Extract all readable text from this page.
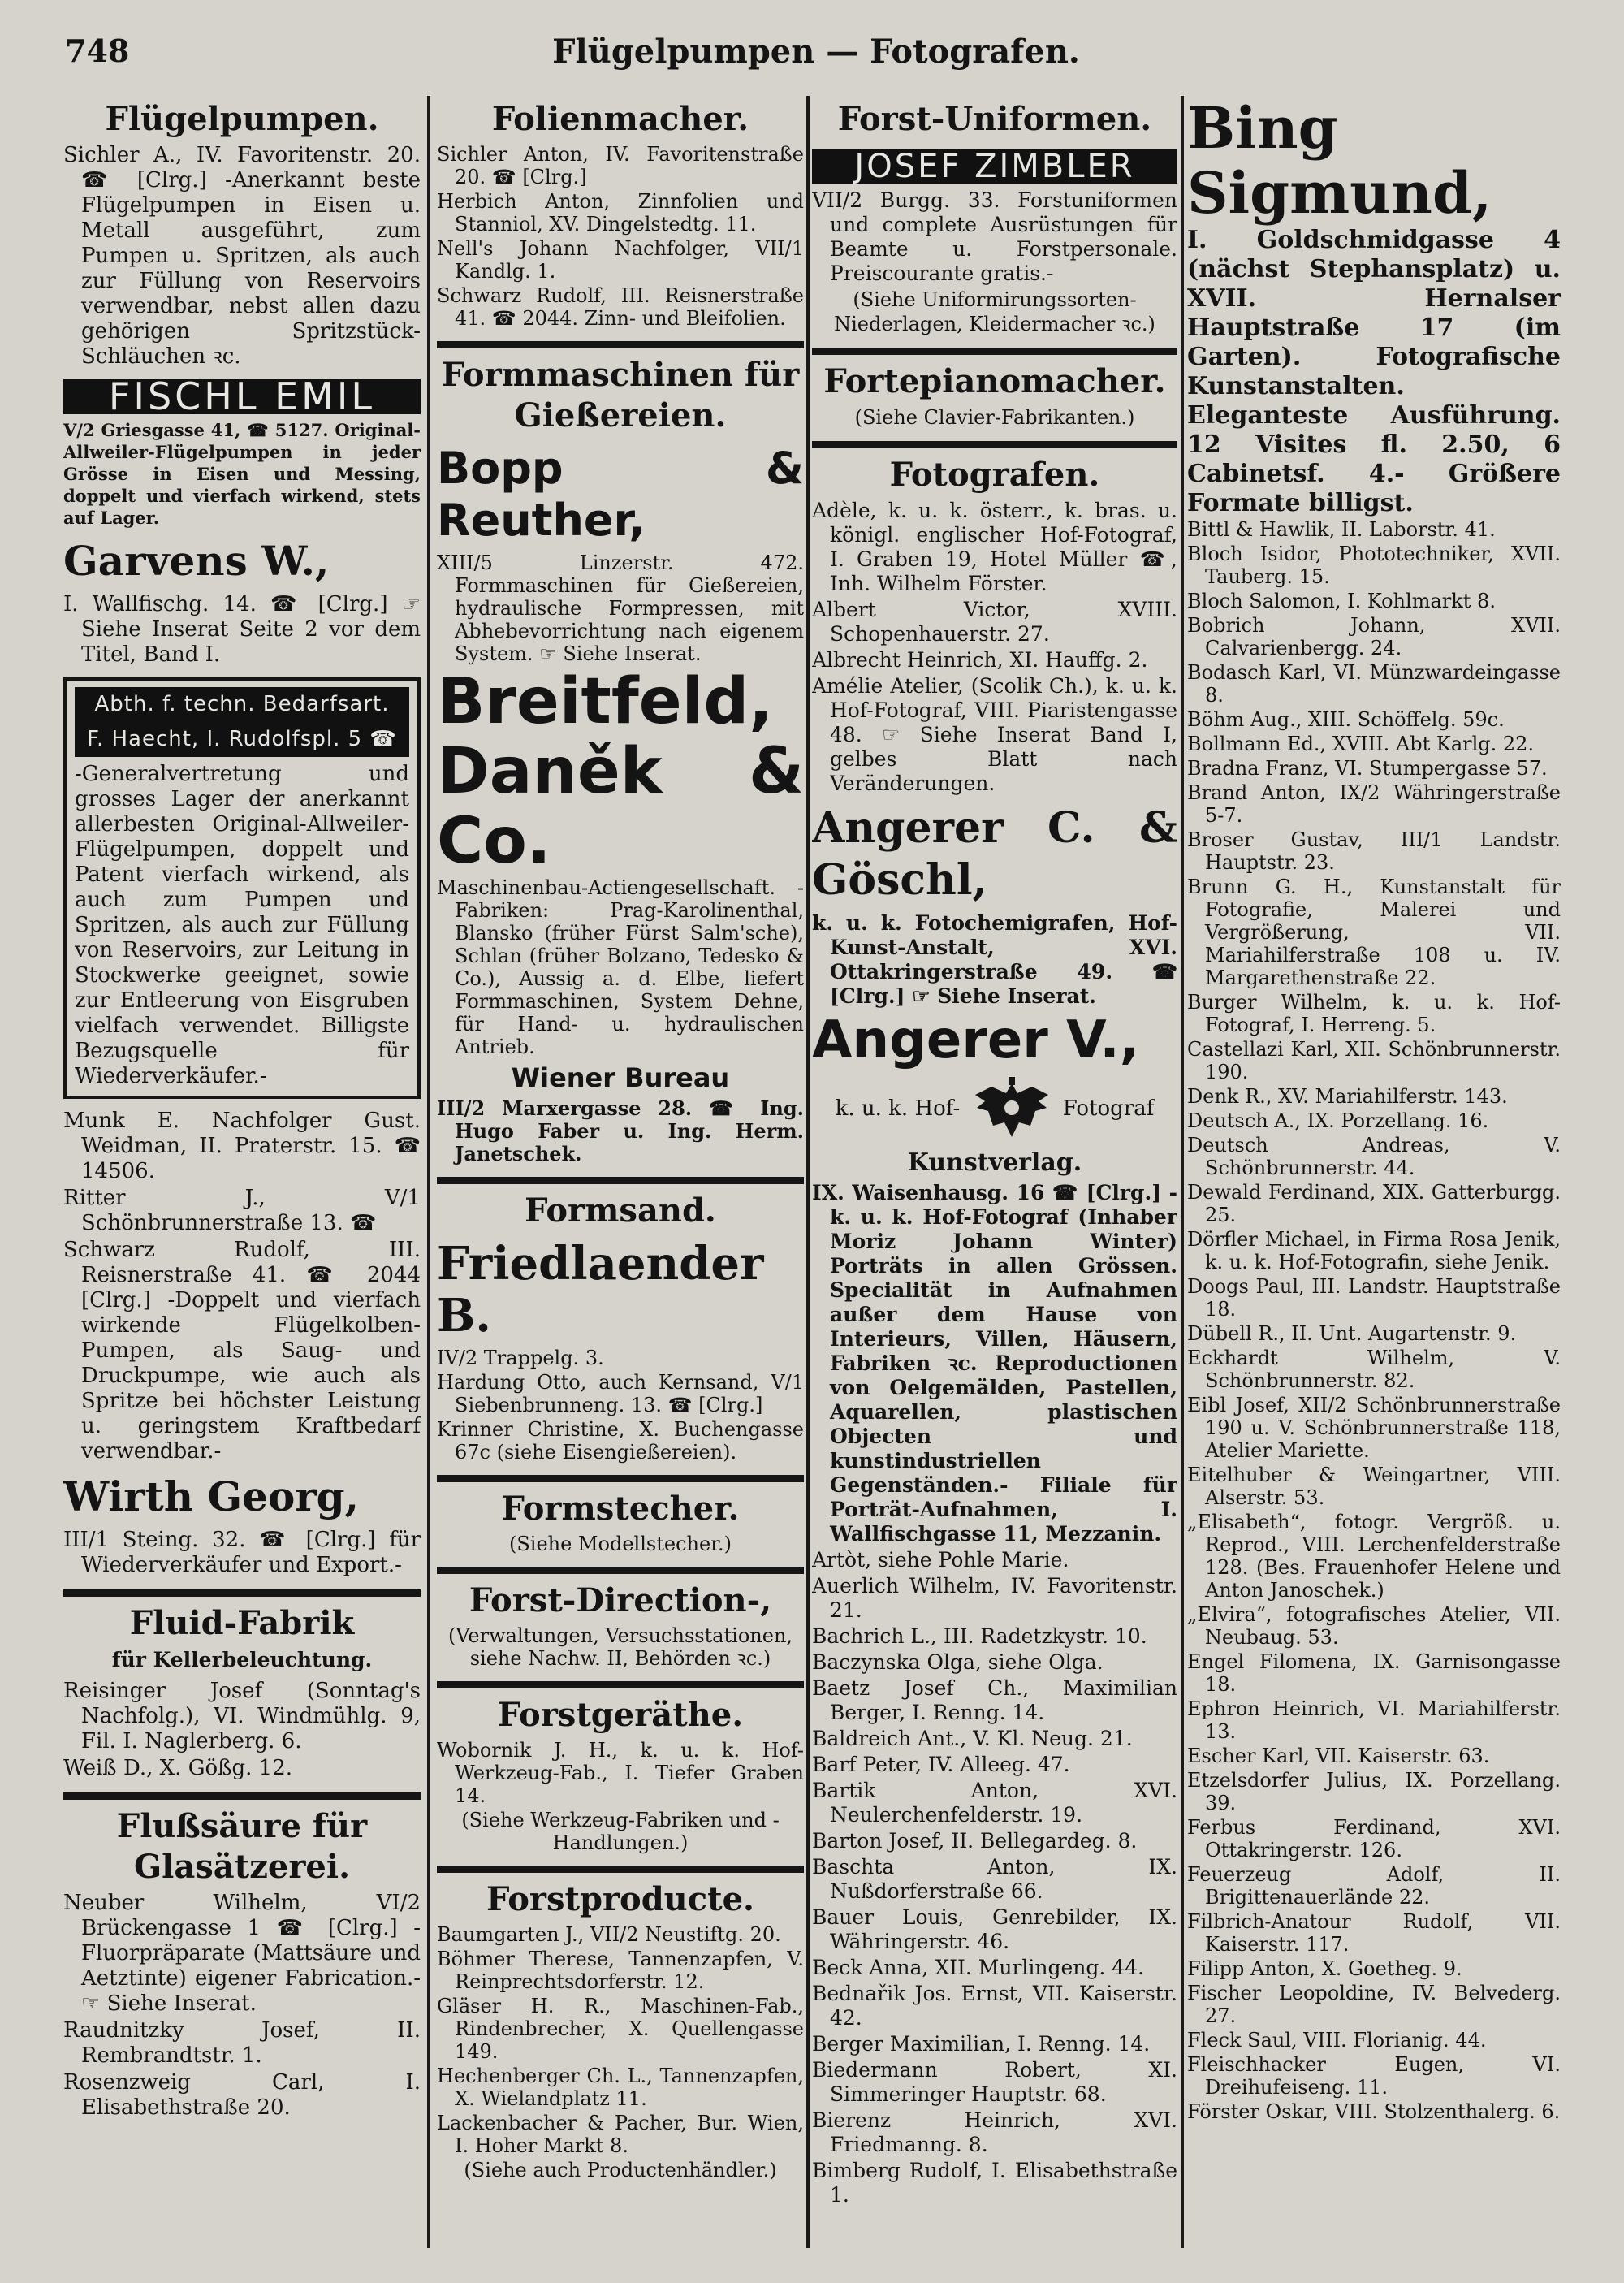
748	Flügelpumpen — Fotografen.
Flügelpumpen.
Sichler A., IV. Favoritenstr. 20. ☎ [Clrg.] -Anerkannt beste Flügelpumpen in Eisen u. Metall ausgeführt, zum Pumpen u. Spritzen, als auch zur Füllung von Reservoirs verwendbar, nebst allen dazu gehörigen Spritzstück-Schläuchen ꝛc.
FISCHL EMIL
V/2 Griesgasse 41, ☎ 5127. Original-Allweiler-Flügelpumpen in jeder Grösse in Eisen und Messing, doppelt und vierfach wirkend, stets auf Lager.
Garvens W.,
I. Wallfischg. 14. ☎ [Clrg.] ☞ Siehe Inserat Seite 2 vor dem Titel, Band I.
Abth. f. techn. Bedarfsart.
F. Haecht, I. Rudolfspl. 5 ☎
-Generalvertretung und grosses Lager der anerkannt allerbesten Original-Allweiler-Flügelpumpen, doppelt und Patent vierfach wirkend, als auch zum Pumpen und Spritzen, als auch zur Füllung von Reservoirs, zur Leitung in Stockwerke geeignet, sowie zur Entleerung von Eisgruben vielfach verwendet. Billigste Bezugsquelle für Wiederverkäufer.-
Munk E. Nachfolger Gust. Weidman, II. Praterstr. 15. ☎ 14506.
Ritter J., V/1 Schönbrunnerstraße 13. ☎
Schwarz Rudolf, III. Reisnerstraße 41. ☎ 2044 [Clrg.] -Doppelt und vierfach wirkende Flügelkolben-Pumpen, als Saug- und Druckpumpe, wie auch als Spritze bei höchster Leistung u. geringstem Kraftbedarf verwendbar.-
Wirth Georg,
III/1 Steing. 32. ☎ [Clrg.] für Wiederverkäufer und Export.-
Fluid-Fabrik
für Kellerbeleuchtung.
Reisinger Josef (Sonntag's Nachfolg.), VI. Windmühlg. 9, Fil. I. Naglerberg. 6.
Weiß D., X. Gößg. 12.
Flußsäure für Glasätzerei.
Neuber Wilhelm, VI/2 Brückengasse 1 ☎ [Clrg.] -Fluorpräparate (Mattsäure und Aetztinte) eigener Fabrication.- ☞ Siehe Inserat.
Raudnitzky Josef, II. Rembrandtstr. 1.
Rosenzweig Carl, I. Elisabethstraße 20.
Folienmacher.
Sichler Anton, IV. Favoritenstraße 20. ☎ [Clrg.]
Herbich Anton, Zinnfolien und Stanniol, XV. Dingelstedtg. 11.
Nell's Johann Nachfolger, VII/1 Kandlg. 1.
Schwarz Rudolf, III. Reisnerstraße 41. ☎ 2044. Zinn- und Bleifolien.
Formmaschinen für Gießereien.
Bopp & Reuther,
XIII/5 Linzerstr. 472. Formmaschinen für Gießereien, hydraulische Formpressen, mit Abhebevorrichtung nach eigenem System. ☞ Siehe Inserat.
Breitfeld,
Daněk & Co.
Maschinenbau-Actiengesellschaft. -Fabriken: Prag-Karolinenthal, Blansko (früher Fürst Salm'sche), Schlan (früher Bolzano, Tedesko & Co.), Aussig a. d. Elbe, liefert Formmaschinen, System Dehne, für Hand- u. hydraulischen Antrieb.
Wiener Bureau
III/2 Marxergasse 28. ☎ Ing. Hugo Faber u. Ing. Herm. Janetschek.
Formsand.
Friedlaender B.
IV/2 Trappelg. 3.
Hardung Otto, auch Kernsand, V/1 Siebenbrunneng. 13. ☎ [Clrg.]
Krinner Christine, X. Buchengasse 67c (siehe Eisengießereien).
Formstecher.
(Siehe Modellstecher.)
Forst-Direction-,
(Verwaltungen, Versuchsstationen, siehe Nachw. II, Behörden ꝛc.)
Forstgeräthe.
Wobornik J. H., k. u. k. Hof-Werkzeug-Fab., I. Tiefer Graben 14.
(Siehe Werkzeug-Fabriken und -Handlungen.)
Forstproducte.
Baumgarten J., VII/2 Neustiftg. 20.
Böhmer Therese, Tannenzapfen, V. Reinprechtsdorferstr. 12.
Gläser H. R., Maschinen-Fab., Rindenbrecher, X. Quellengasse 149.
Hechenberger Ch. L., Tannenzapfen, X. Wielandplatz 11.
Lackenbacher & Pacher, Bur. Wien, I. Hoher Markt 8.
(Siehe auch Productenhändler.)
Forst-Uniformen.
JOSEF ZIMBLER
VII/2 Burgg. 33. Forstuniformen und complete Ausrüstungen für Beamte u. Forstpersonale. Preiscourante gratis.-
(Siehe Uniformirungssorten-Niederlagen, Kleidermacher ꝛc.)
Fortepianomacher.
(Siehe Clavier-Fabrikanten.)
Fotografen.
Adèle, k. u. k. österr., k. bras. u. königl. englischer Hof-Fotograf, I. Graben 19, Hotel Müller ☎, Inh. Wilhelm Förster.
Albert Victor, XVIII. Schopenhauerstr. 27.
Albrecht Heinrich, XI. Hauffg. 2.
Amélie Atelier, (Scolik Ch.), k. u. k. Hof-Fotograf, VIII. Piaristengasse 48. ☞ Siehe Inserat Band I, gelbes Blatt nach Veränderungen.
Angerer C. & Göschl,
k. u. k. Fotochemigrafen, Hof-Kunst-Anstalt, XVI. Ottakringerstraße 49. ☎ [Clrg.] ☞ Siehe Inserat.
Angerer V.,
k. u. k. Hof-	Fotograf
Kunstverlag.
IX. Waisenhausg. 16 ☎ [Clrg.] -k. u. k. Hof-Fotograf (Inhaber Moriz Johann Winter) Porträts in allen Grössen. Specialität in Aufnahmen außer dem Hause von Interieurs, Villen, Häusern, Fabriken ꝛc. Reproductionen von Oelgemälden, Pastellen, Aquarellen, plastischen Objecten und kunstindustriellen Gegenständen.- Filiale für Porträt-Aufnahmen, I. Wallfischgasse 11, Mezzanin.
Artòt, siehe Pohle Marie.
Auerlich Wilhelm, IV. Favoritenstr. 21.
Bachrich L., III. Radetzkystr. 10.
Baczynska Olga, siehe Olga.
Baetz Josef Ch., Maximilian Berger, I. Renng. 14.
Baldreich Ant., V. Kl. Neug. 21.
Barf Peter, IV. Alleeg. 47.
Bartik Anton, XVI. Neulerchenfelderstr. 19.
Barton Josef, II. Bellegardeg. 8.
Baschta Anton, IX. Nußdorferstraße 66.
Bauer Louis, Genrebilder, IX. Währingerstr. 46.
Beck Anna, XII. Murlingeng. 44.
Bednařik Jos. Ernst, VII. Kaiserstr. 42.
Berger Maximilian, I. Renng. 14.
Biedermann Robert, XI. Simmeringer Hauptstr. 68.
Bierenz Heinrich, XVI. Friedmanng. 8.
Bimberg Rudolf, I. Elisabethstraße 1.
Bing Sigmund,
I. Goldschmidgasse 4 (nächst Stephansplatz) u. XVII. Hernalser Hauptstraße 17 (im Garten). Fotografische Kunstanstalten. Eleganteste Ausführung. 12 Visites fl. 2.50, 6 Cabinetsf. 4.- Größere Formate billigst.
Bittl & Hawlik, II. Laborstr. 41.
Bloch Isidor, Phototechniker, XVII. Tauberg. 15.
Bloch Salomon, I. Kohlmarkt 8.
Bobrich Johann, XVII. Calvarienbergg. 24.
Bodasch Karl, VI. Münzwardeingasse 8.
Böhm Aug., XIII. Schöffelg. 59c.
Bollmann Ed., XVIII. Abt Karlg. 22.
Bradna Franz, VI. Stumpergasse 57.
Brand Anton, IX/2 Währingerstraße 5-7.
Broser Gustav, III/1 Landstr. Hauptstr. 23.
Brunn G. H., Kunstanstalt für Fotografie, Malerei und Vergrößerung, VII. Mariahilferstraße 108 u. IV. Margarethenstraße 22.
Burger Wilhelm, k. u. k. Hof-Fotograf, I. Herreng. 5.
Castellazi Karl, XII. Schönbrunnerstr. 190.
Denk R., XV. Mariahilferstr. 143.
Deutsch A., IX. Porzellang. 16.
Deutsch Andreas, V. Schönbrunnerstr. 44.
Dewald Ferdinand, XIX. Gatterburgg. 25.
Dörfler Michael, in Firma Rosa Jenik, k. u. k. Hof-Fotografin, siehe Jenik.
Doogs Paul, III. Landstr. Hauptstraße 18.
Dübell R., II. Unt. Augartenstr. 9.
Eckhardt Wilhelm, V. Schönbrunnerstr. 82.
Eibl Josef, XII/2 Schönbrunnerstraße 190 u. V. Schönbrunnerstraße 118, Atelier Mariette.
Eitelhuber & Weingartner, VIII. Alserstr. 53.
„Elisabeth“, fotogr. Vergröß. u. Reprod., VIII. Lerchenfelderstraße 128. (Bes. Frauenhofer Helene und Anton Janoschek.)
„Elvira“, fotografisches Atelier, VII. Neubaug. 53.
Engel Filomena, IX. Garnisongasse 18.
Ephron Heinrich, VI. Mariahilferstr. 13.
Escher Karl, VII. Kaiserstr. 63.
Etzelsdorfer Julius, IX. Porzellang. 39.
Ferbus Ferdinand, XVI. Ottakringerstr. 126.
Feuerzeug Adolf, II. Brigittenauerlände 22.
Filbrich-Anatour Rudolf, VII. Kaiserstr. 117.
Filipp Anton, X. Goetheg. 9.
Fischer Leopoldine, IV. Belvederg. 27.
Fleck Saul, VIII. Florianig. 44.
Fleischhacker Eugen, VI. Dreihufeiseng. 11.
Förster Oskar, VIII. Stolzenthalerg. 6.
